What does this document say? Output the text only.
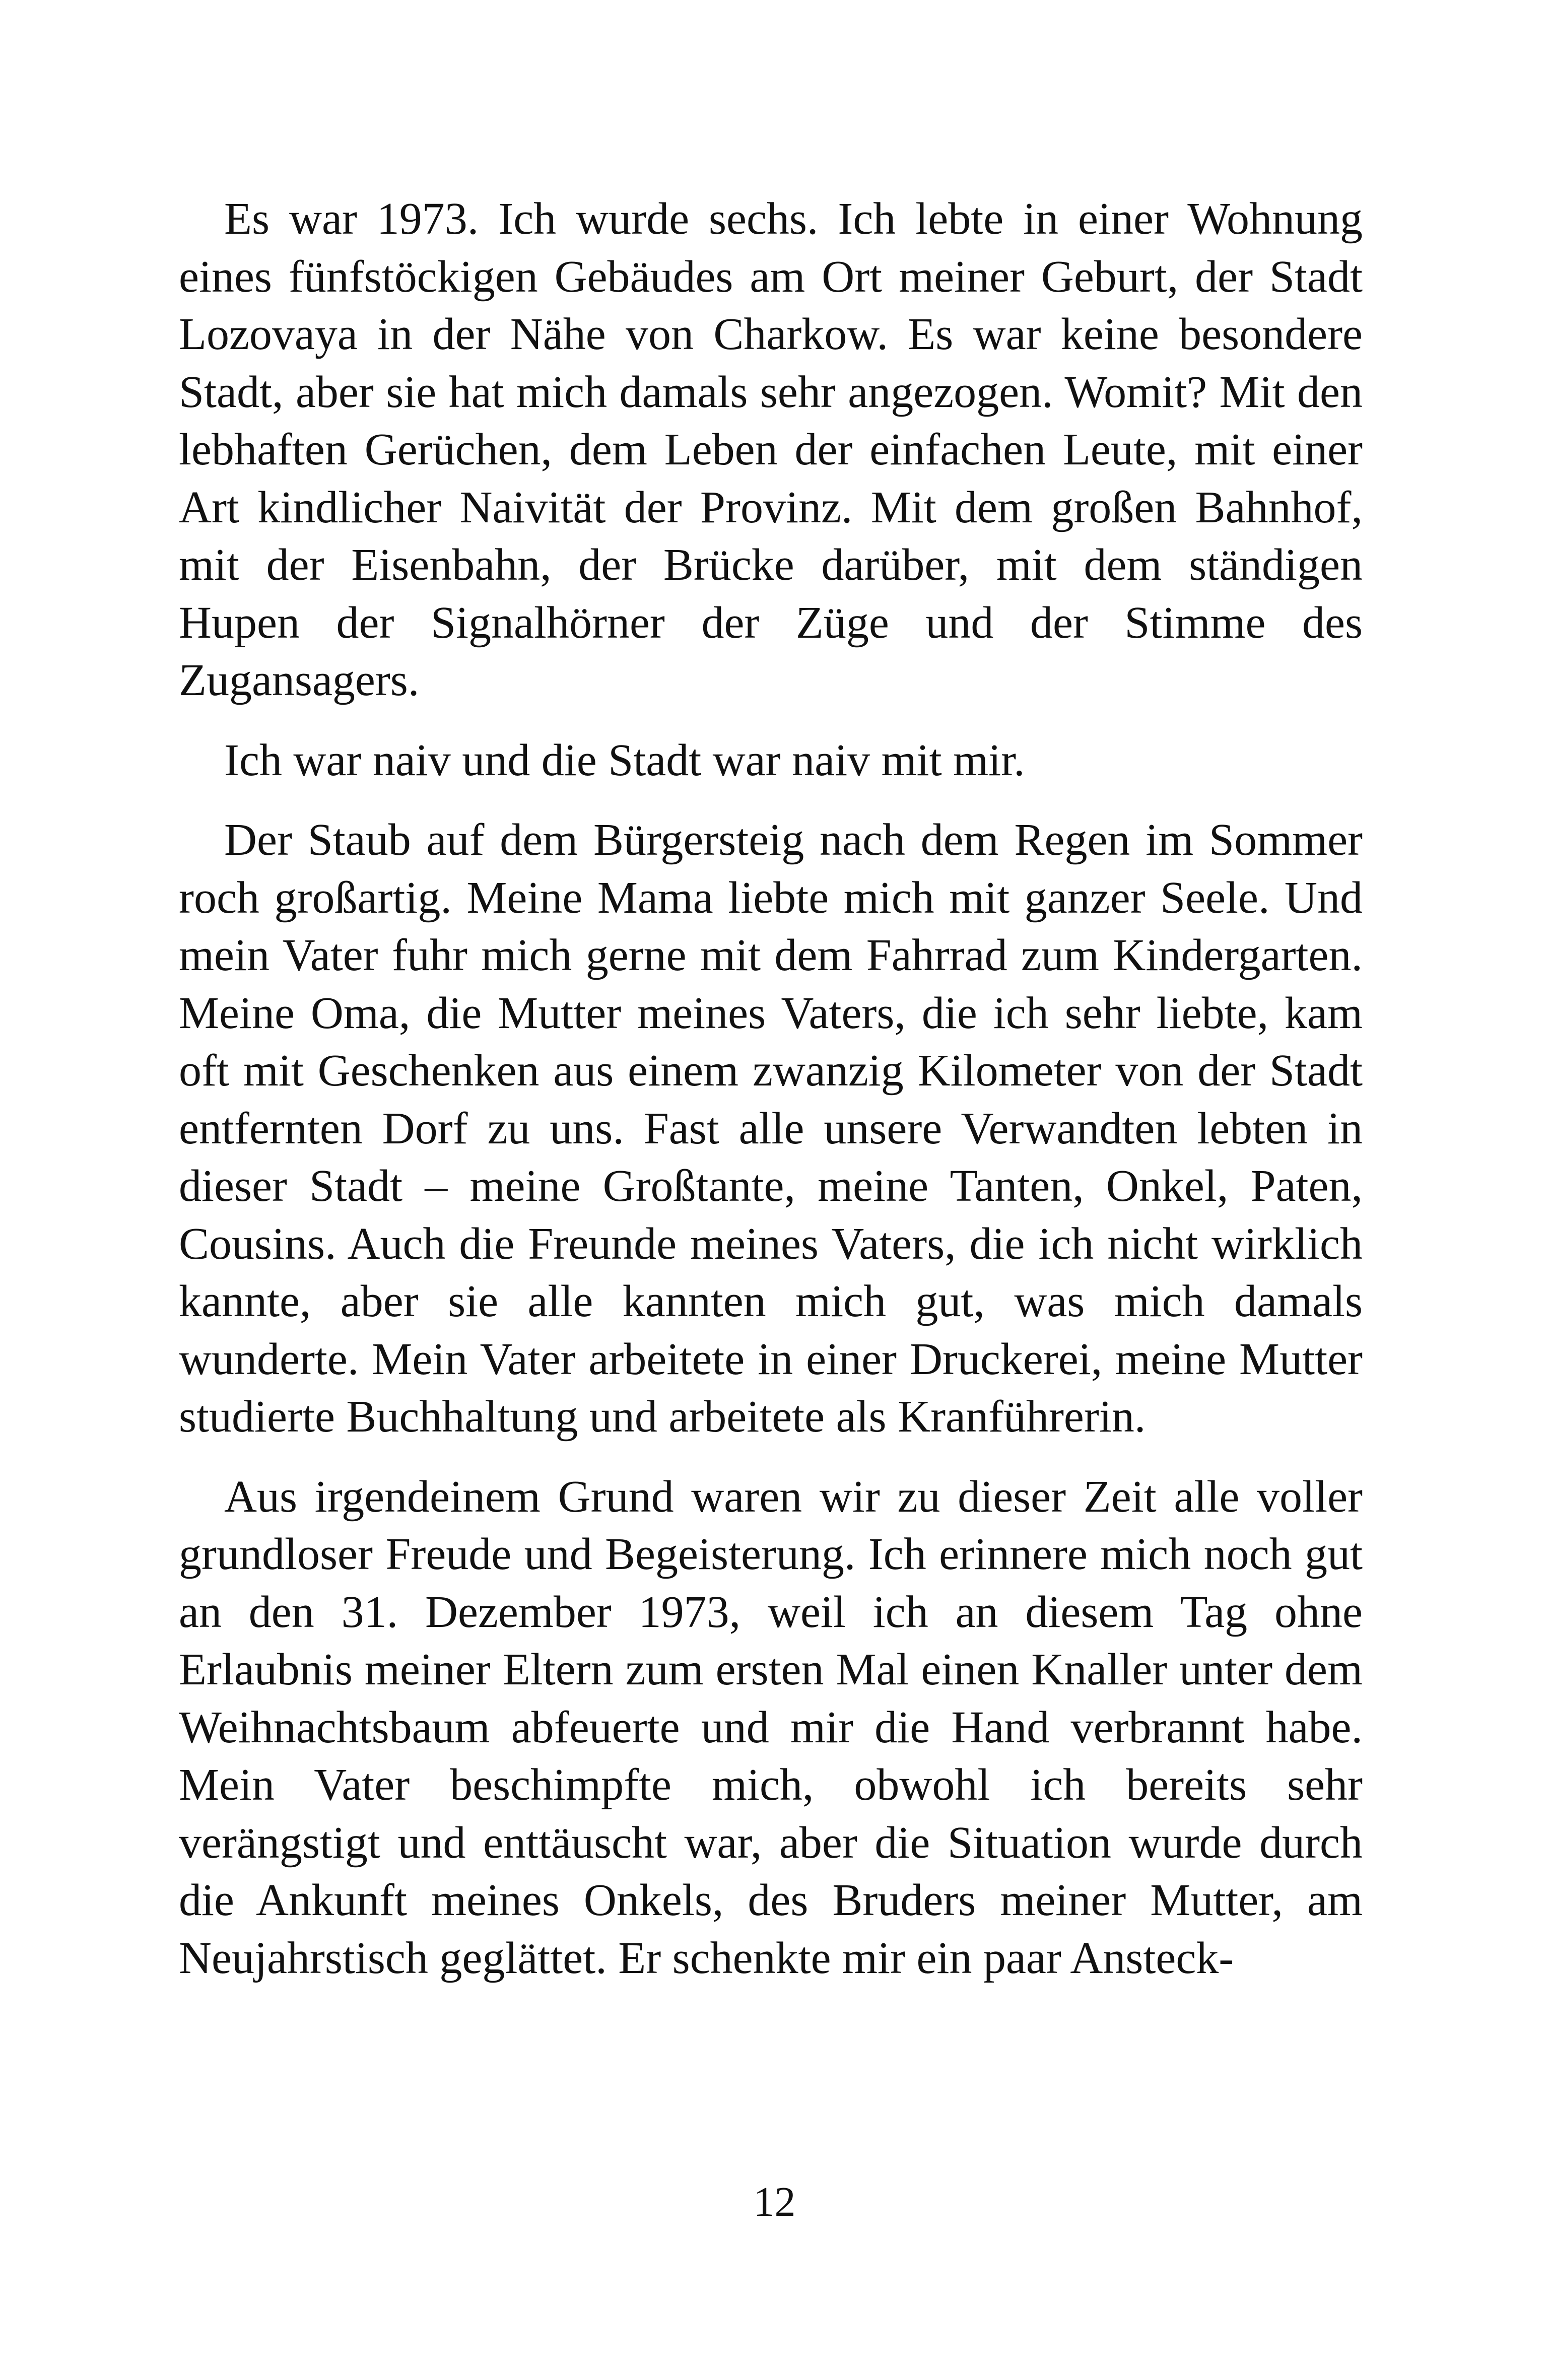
Es war 1973. Ich wurde sechs. Ich lebte in einer Wohnung eines fünfstöckigen Gebäudes am Ort meiner Geburt, der Stadt Lozovaya in der Nähe von Charkow. Es war keine besondere Stadt, aber sie hat mich damals sehr angezogen. Womit? Mit den lebhaften Gerüchen, dem Leben der einfachen Leute, mit einer Art kindlicher Naivität der Provinz. Mit dem großen Bahnhof, mit der Eisenbahn, der Brücke darüber, mit dem ständigen Hupen der Signalhörner der Züge und der Stimme des Zugansagers.

Ich war naiv und die Stadt war naiv mit mir.

Der Staub auf dem Bürgersteig nach dem Regen im Sommer roch großartig. Meine Mama liebte mich mit ganzer Seele. Und mein Vater fuhr mich gerne mit dem Fahrrad zum Kindergarten. Meine Oma, die Mutter meines Vaters, die ich sehr liebte, kam oft mit Geschenken aus einem zwanzig Kilometer von der Stadt entfernten Dorf zu uns. Fast alle unsere Verwandten lebten in dieser Stadt – meine Großtante, meine Tanten, Onkel, Paten, Cousins. Auch die Freunde meines Vaters, die ich nicht wirklich kannte, aber sie alle kannten mich gut, was mich damals wunderte. Mein Vater arbeitete in einer Druckerei, meine Mutter studierte Buchhaltung und arbeitete als Kranführerin.

Aus irgendeinem Grund waren wir zu dieser Zeit alle voller grundloser Freude und Begeisterung. Ich erinnere mich noch gut an den 31. Dezember 1973, weil ich an diesem Tag ohne Erlaubnis meiner Eltern zum ersten Mal einen Knaller unter dem Weihnachtsbaum abfeuerte und mir die Hand verbrannt habe. Mein Vater beschimpfte mich, obwohl ich bereits sehr verängstigt und enttäuscht war, aber die Situation wurde durch die Ankunft meines Onkels, des Bruders meiner Mutter, am Neujahrstisch geglättet. Er schenkte mir ein paar Ansteck-

12
